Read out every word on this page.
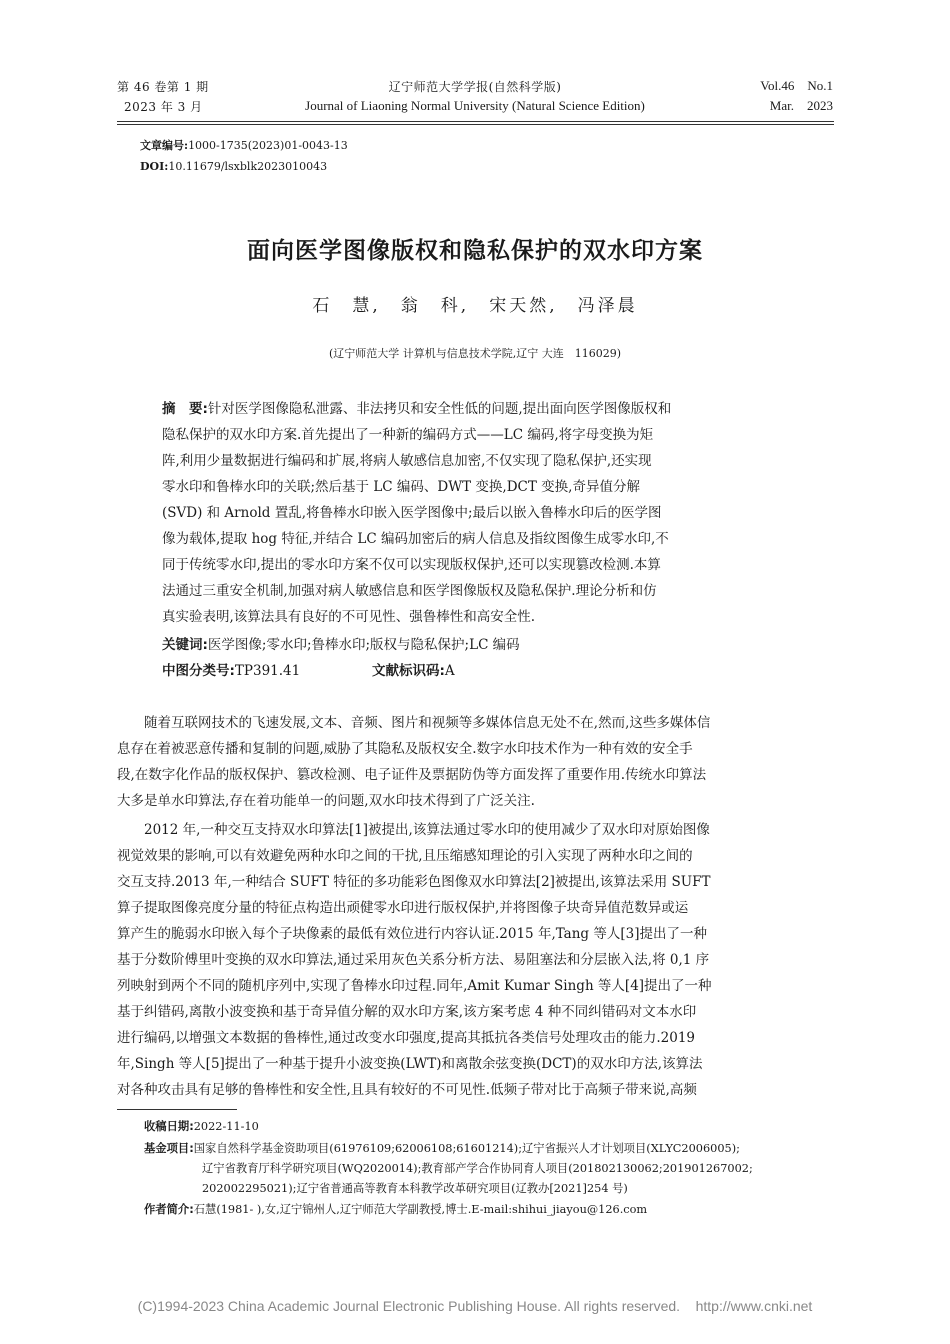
第 46 卷第 1 期
2023 年 3 月
辽宁师范大学学报(自然科学版)
Journal of Liaoning Normal University (Natural Science Edition)
Vol.46    No.1
Mar.    2023
文章编号:1000-1735(2023)01-0043-13
DOI:10.11679/lsxblk2023010043
面向医学图像版权和隐私保护的双水印方案
石　慧,　翁　科,　宋天然,　冯泽晨
(辽宁师范大学 计算机与信息技术学院,辽宁 大连　116029)
摘　要:针对医学图像隐私泄露、非法拷贝和安全性低的问题,提出面向医学图像版权和
隐私保护的双水印方案.首先提出了一种新的编码方式——LC 编码,将字母变换为矩
阵,利用少量数据进行编码和扩展,将病人敏感信息加密,不仅实现了隐私保护,还实现
零水印和鲁棒水印的关联;然后基于 LC 编码、DWT 变换,DCT 变换,奇异值分解
(SVD) 和 Arnold 置乱,将鲁棒水印嵌入医学图像中;最后以嵌入鲁棒水印后的医学图
像为载体,提取 hog 特征,并结合 LC 编码加密后的病人信息及指纹图像生成零水印,不
同于传统零水印,提出的零水印方案不仅可以实现版权保护,还可以实现篡改检测.本算
法通过三重安全机制,加强对病人敏感信息和医学图像版权及隐私保护.理论分析和仿
真实验表明,该算法具有良好的不可见性、强鲁棒性和高安全性.
关键词:医学图像;零水印;鲁棒水印;版权与隐私保护;LC 编码
中图分类号:TP391.41	文献标识码:A
　　随着互联网技术的飞速发展,文本、音频、图片和视频等多媒体信息无处不在,然而,这些多媒体信
息存在着被恶意传播和复制的问题,威胁了其隐私及版权安全.数字水印技术作为一种有效的安全手
段,在数字化作品的版权保护、篡改检测、电子证件及票据防伪等方面发挥了重要作用.传统水印算法
大多是单水印算法,存在着功能单一的问题,双水印技术得到了广泛关注.
　　2012 年,一种交互支持双水印算法[1]被提出,该算法通过零水印的使用减少了双水印对原始图像
视觉效果的影响,可以有效避免两种水印之间的干扰,且压缩感知理论的引入实现了两种水印之间的
交互支持.2013 年,一种结合 SUFT 特征的多功能彩色图像双水印算法[2]被提出,该算法采用 SUFT
算子提取图像亮度分量的特征点构造出顽健零水印进行版权保护,并将图像子块奇异值范数异或运
算产生的脆弱水印嵌入每个子块像素的最低有效位进行内容认证.2015 年,Tang 等人[3]提出了一种
基于分数阶傅里叶变换的双水印算法,通过采用灰色关系分析方法、易阻塞法和分层嵌入法,将 0,1 序
列映射到两个不同的随机序列中,实现了鲁棒水印过程.同年,Amit Kumar Singh 等人[4]提出了一种
基于纠错码,离散小波变换和基于奇异值分解的双水印方案,该方案考虑 4 种不同纠错码对文本水印
进行编码,以增强文本数据的鲁棒性,通过改变水印强度,提高其抵抗各类信号处理攻击的能力.2019
年,Singh 等人[5]提出了一种基于提升小波变换(LWT)和离散余弦变换(DCT)的双水印方法,该算法
对各种攻击具有足够的鲁棒性和安全性,且具有较好的不可见性.低频子带对比于高频子带来说,高频
收稿日期:2022-11-10
基金项目:国家自然科学基金资助项目(61976109;62006108;61601214);辽宁省振兴人才计划项目(XLYC2006005);
辽宁省教育厅科学研究项目(WQ2020014);教育部产学合作协同育人项目(201802130062;201901267002;
202002295021);辽宁省普通高等教育本科教学改革研究项目(辽教办[2021]254 号)
作者简介:石慧(1981- ),女,辽宁锦州人,辽宁师范大学副教授,博士.E-mail:shihui_jiayou@126.com
(C)1994-2023 China Academic Journal Electronic Publishing House. All rights reserved.    http://www.cnki.net
